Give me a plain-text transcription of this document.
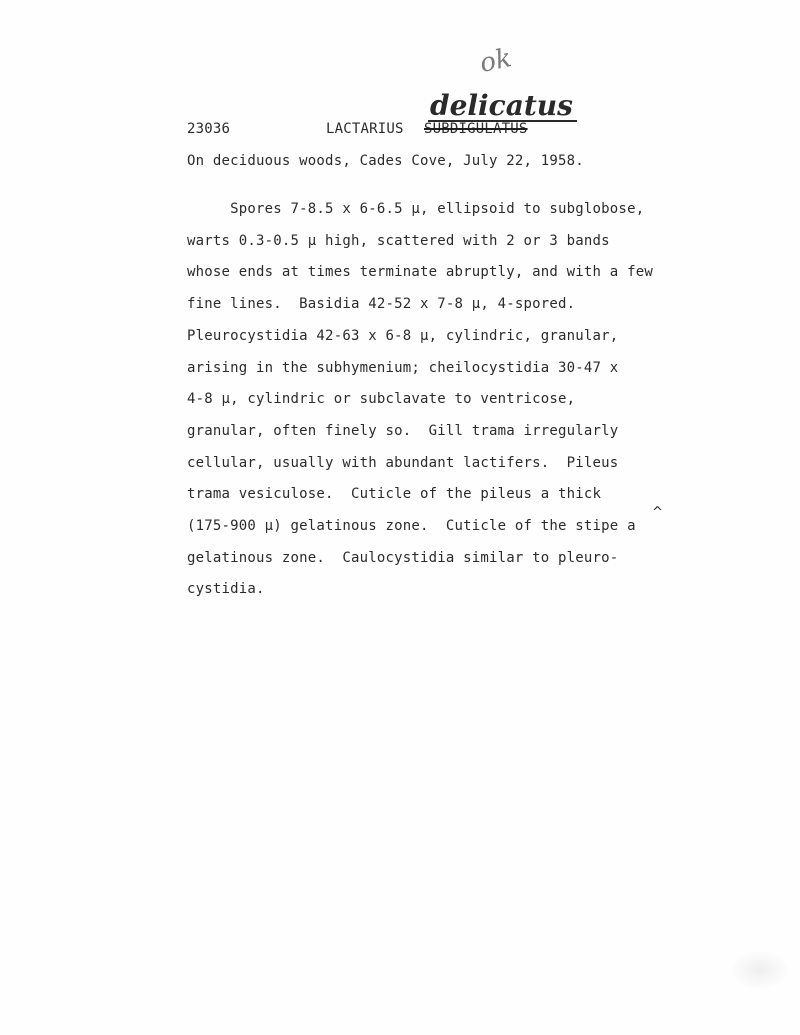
ok
delicatus
23036	LACTARIUS SUBDIGULATUS
On deciduous woods, Cades Cove, July 22, 1958.
Spores 7-8.5 x 6-6.5 µ, ellipsoid to subglobose,
warts 0.3-0.5 µ high, scattered with 2 or 3 bands
whose ends at times terminate abruptly, and with a few
fine lines.  Basidia 42-52 x 7-8 µ, 4-spored.
Pleurocystidia 42-63 x 6-8 µ, cylindric, granular,
arising in the subhymenium; cheilocystidia 30-47 x
4-8 µ, cylindric or subclavate to ventricose,
granular, often finely so.  Gill trama irregularly
cellular, usually with abundant lactifers.  Pileus
trama vesiculose.  Cuticle of the pileus a thick
(175-900 µ) gelatinous zone.  Cuticle of the stipe a
gelatinous zone.  Caulocystidia similar to pleuro-
cystidia.
^
